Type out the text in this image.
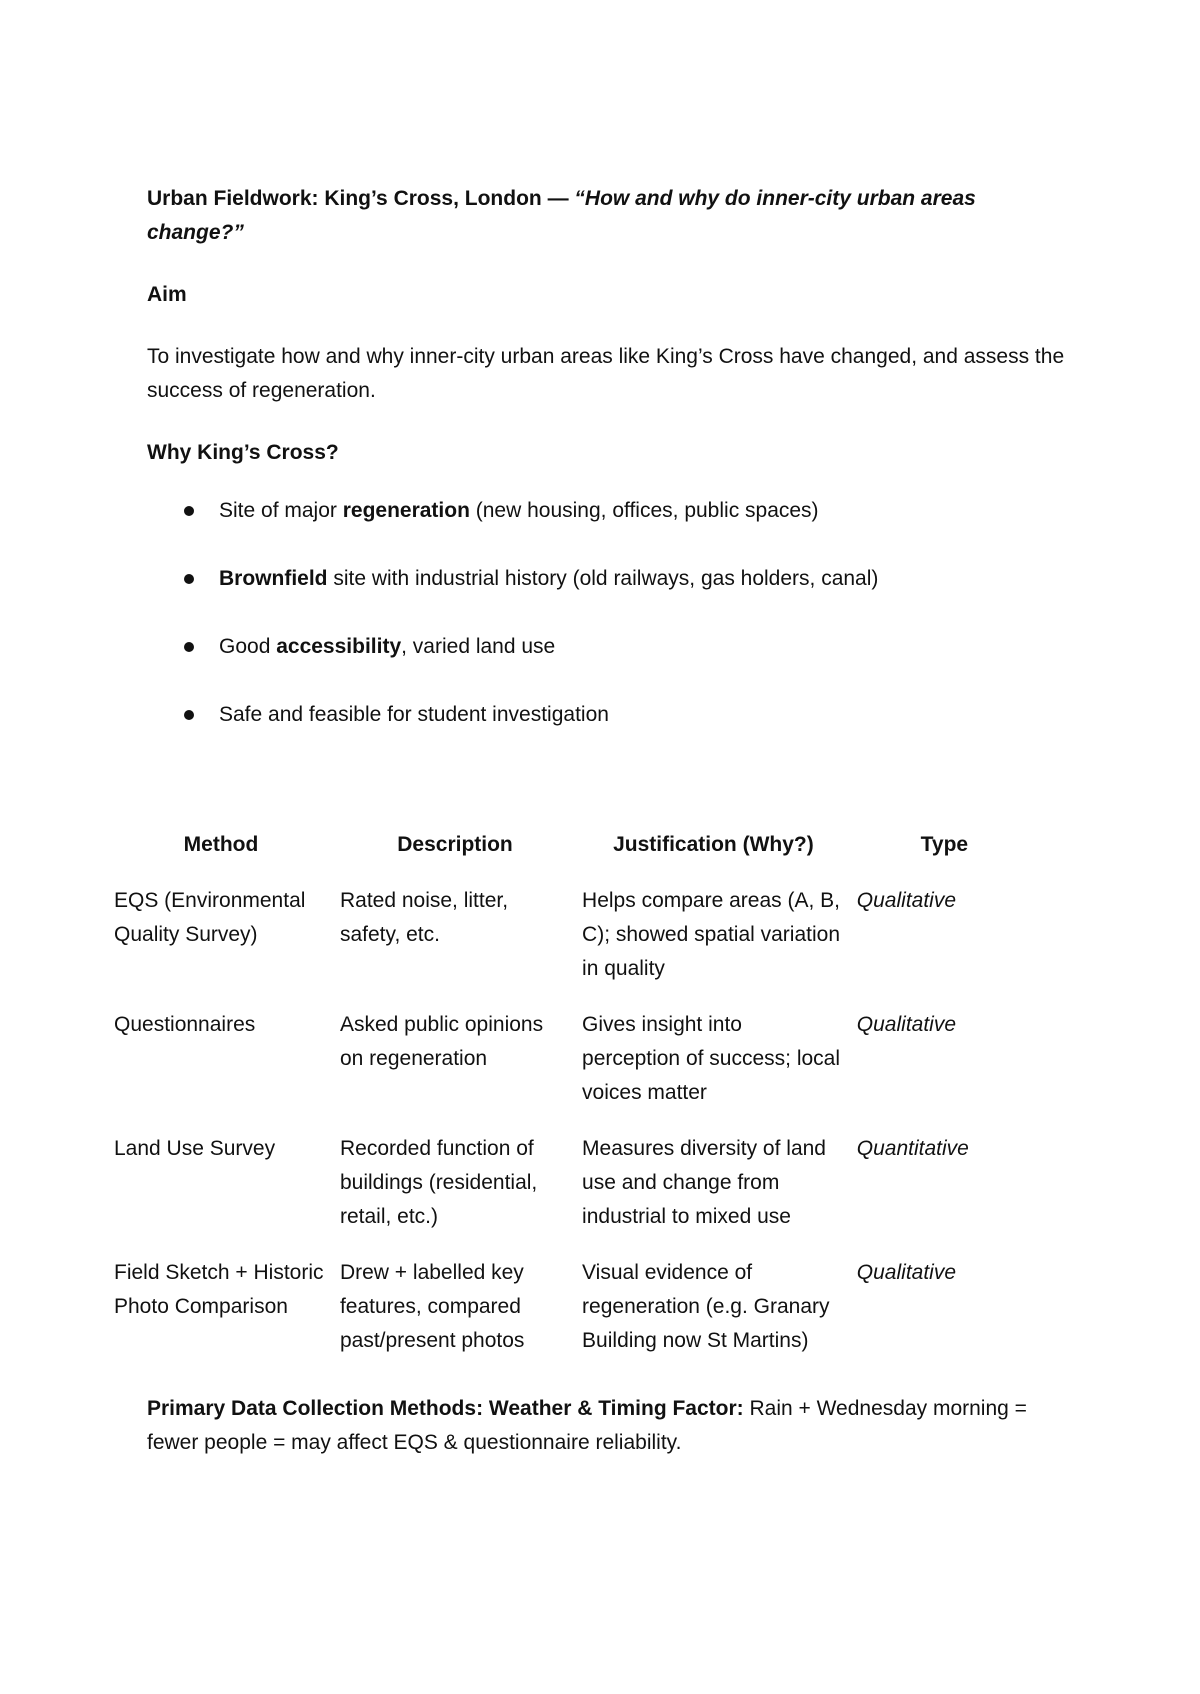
Urban Fieldwork: King’s Cross, London — “How and why do inner-city urban areas change?”
Aim
To investigate how and why inner-city urban areas like King’s Cross have changed, and assess the success of regeneration.
Why King’s Cross?
Site of major regeneration (new housing, offices, public spaces)
Brownfield site with industrial history (old railways, gas holders, canal)
Good accessibility, varied land use
Safe and feasible for student investigation
Method	Description	Justification (Why?)	Type
EQS (Environmental Quality Survey)	Rated noise, litter, safety, etc.	Helps compare areas (A, B, C); showed spatial variation in quality	Qualitative
Questionnaires	Asked public opinions on regeneration	Gives insight into perception of success; local voices matter	Qualitative
Land Use Survey	Recorded function of buildings (residential, retail, etc.)	Measures diversity of land use and change from industrial to mixed use	Quantitative
Field Sketch + Historic Photo Comparison	Drew + labelled key features, compared past/present photos	Visual evidence of regeneration (e.g. Granary Building now St Martins)	Qualitative
Primary Data Collection Methods: Weather & Timing Factor: Rain + Wednesday morning = fewer people = may affect EQS & questionnaire reliability.
